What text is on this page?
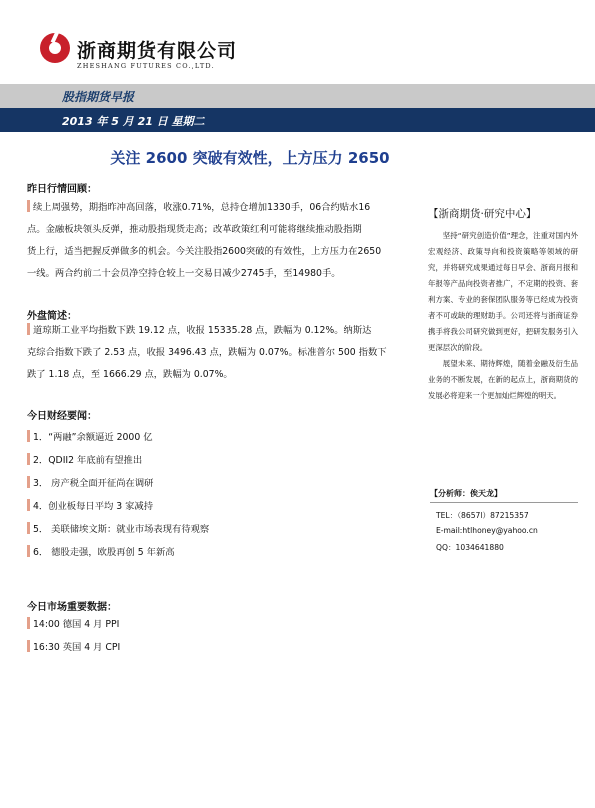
浙商期货有限公司
ZHESHANG FUTURES CO.,LTD.
股指期货早报
2013 年 5 月 21 日 星期二
关注 2600 突破有效性，上方压力 2650
昨日行情回顾：
续上周强势，期指昨冲高回落，收涨0.71%，总持仓增加1330手，06合约贴水16
点。金融板块领头反弹，推动股指现货走高；改革政策红利可能将继续推动股指期
货上行，适当把握反弹做多的机会。今关注股指2600突破的有效性，上方压力在2650
一线。两合约前二十会员净空持仓较上一交易日减少2745手，至14980手。
外盘简述：
道琼斯工业平均指数下跌 19.12 点，收报 15335.28 点，跌幅为 0.12%。纳斯达
克综合指数下跌了 2.53 点，收报 3496.43 点，跌幅为 0.07%。标准普尔 500 指数下
跌了 1.18 点，至 1666.29 点，跌幅为 0.07%。
今日财经要闻：
1．“两融”余额逼近 2000 亿
2．QDII2 年底前有望推出
3． 房产税全面开征尚在调研
4．创业板每日平均 3 家减持
5． 美联储埃文斯：就业市场表现有待观察
6． 德股走强，欧股再创 5 年新高
今日市场重要数据：
14:00 德国 4 月 PPI
16:30 英国 4 月 CPI
【浙商期货·研究中心】

坚持“研究创造价值”理念，注重对国内外宏观经济、政策导向和投资策略等领域的研究，并将研究成果通过每日早会、浙商月报和年报等产品向投资者推广，不定期的投资、套利方案、专业的套保团队服务等已经成为投资者不可或缺的理财助手。公司还将与浙商证券携手将我公司研究做到更好，把研发服务引入更深层次的阶段。

展望未来、期待辉煌，随着金融及衍生品业务的不断发展，在新的起点上，浙商期货的发展必将迎来一个更加灿烂辉煌的明天。

【分析师：俟天龙】
TEL：（8657l）87215357
E-mail:htlhoney@yahoo.cn
QQ：1034641880
